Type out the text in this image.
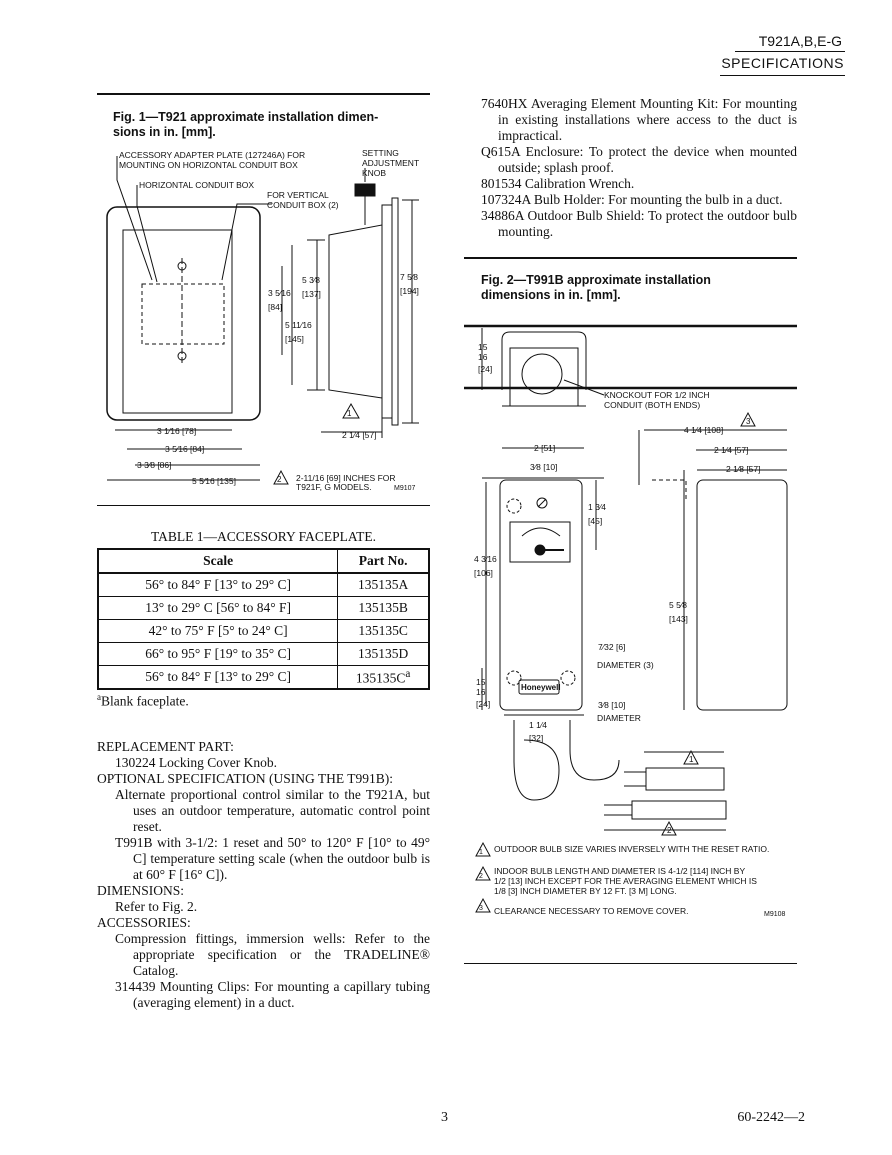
T921A,B,E-G
SPECIFICATIONS
Fig. 1—T921 approximate installation dimen-
sions in in. [mm].
ACCESSORY ADAPTER PLATE (127246A) FOR
MOUNTING ON HORIZONTAL CONDUIT BOX
HORIZONTAL CONDUIT BOX
FOR VERTICAL
CONDUIT BOX (2)
SETTING
ADJUSTMENT
KNOB
2-11/16 [69] INCHES FOR
T921F, G MODELS.	M9107
2
1
5 3⁄8
[137]
7 5⁄8
[194]
3 5⁄16
[84]
5 11⁄16
[145]
3 1⁄16 [78]
3 5⁄16 [84]
3 3⁄8 [86]
5 5⁄16 [135]
2 1⁄4 [57]
TABLE 1—ACCESSORY FACEPLATE.
Scale	Part No.
56° to 84° F [13° to 29° C]	135135A
13° to 29° C [56° to 84° F]	135135B
42° to 75° F [5° to 24° C]	135135C
66° to 95° F [19° to 35° C]	135135D
56° to 84° F [13° to 29° C]	$135135C^a$
$^a$Blank faceplate.

REPLACEMENT PART:

130224 Locking Cover Knob.

OPTIONAL SPECIFICATION (USING THE T991B):

Alternate proportional control similar to the T921A, but uses an outdoor temperature, automatic control point reset.

T991B with 3-1/2: 1 reset and 50° to 120° F [10° to 49° C] temperature setting scale (when the outdoor bulb is at 60° F [16° C]).

DIMENSIONS:

Refer to Fig. 2.

ACCESSORIES:

Compression fittings, immersion wells: Refer to the appropriate specification or the TRADELINE® Catalog.

314439 Mounting Clips: For mounting a capillary tubing (averaging element) in a duct.

7640HX Averaging Element Mounting Kit: For mounting in existing installations where access to the duct is impractical.

Q615A Enclosure: To protect the device when mounted outside; splash proof.

801534 Calibration Wrench.

107324A Bulb Holder: For mounting the bulb in a duct.

34886A Outdoor Bulb Shield: To protect the outdoor bulb mounting.

Fig. 2—T991B approximate installation
dimensions in in. [mm].
KNOCKOUT FOR 1/2 INCH
CONDUIT (BOTH ENDS)
DIAMETER (3)
DIAMETER
Honeywell
OUTDOOR BULB SIZE VARIES INVERSELY WITH THE RESET RATIO.
INDOOR BULB LENGTH AND DIAMETER IS 4-1/2 [114] INCH BY
1/2 [13] INCH EXCEPT FOR THE AVERAGING ELEMENT WHICH IS
1/8 [3] INCH DIAMETER BY 12 FT. [3 M] LONG.
CLEARANCE NECESSARY TO REMOVE COVER.	M9108
1
2
3
1
2
3
15
16
[24]
2 [51]
3⁄8 [10]
4 1⁄4 [108]
2 1⁄4 [57]
2 1⁄8 [57]
1 3⁄4
[45]
4 3⁄16
[106]
5 5⁄8
[143]
7⁄32 [6]
15
16
[24]	3⁄8 [10]
1 1⁄4
[32]
3	60-2242—2
